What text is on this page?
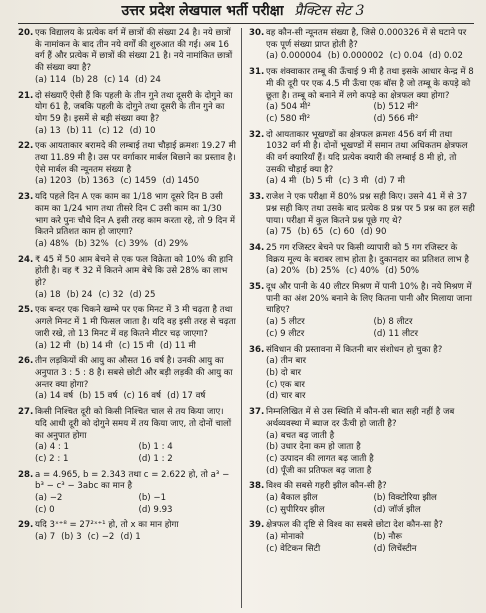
उत्तर प्रदेश लेखपाल भर्ती परीक्षा प्रैक्टिस सेट 3
20. एक विद्यालय के प्रत्येक वर्ग में छात्रों की संख्या 24 है। नये छात्रों के नामांकन के बाद तीन नये वर्गों की शुरुआत की गई। अब 16 वर्ग हैं और प्रत्येक में छात्रों की संख्या 21 है। नये नामांकित छात्रों की संख्या क्या है?
(a) 114 (b) 28 (c) 14 (d) 24
21. दो संख्याएँ ऐसी हैं कि पहली के तीन गुने तथा दूसरी के दोगुने का योग 61 है, जबकि पहली के दोगुने तथा दूसरी के तीन गुने का योग 59 है। इसमें से बड़ी संख्या क्या है?
(a) 13 (b) 11 (c) 12 (d) 10
22. एक आयताकार बरामदे की लम्बाई तथा चौड़ाई क्रमशः 19.27 मी तथा 11.89 मी है। उस पर वर्गाकार मार्बल बिछाने का प्रस्ताव है। ऐसे मार्बल की न्यूनतम संख्या है
(a) 1203 (b) 1363 (c) 1459 (d) 1450
23. यदि पहले दिन A एक काम का 1/18 भाग दूसरे दिन B उसी काम का 1/24 भाग तथा तीसरे दिन C उसी काम का 1/30 भाग करे पुनः चौथे दिन A इसी तरह काम करता रहे, तो 9 दिन में कितने प्रतिशत काम हो जाएगा?
(a) 48% (b) 32% (c) 39% (d) 29%
24. ₹ 45 में 50 आम बेचने से एक फल विक्रेता को 10% की हानि होती है। वह ₹ 32 में कितने आम बेचे कि उसे 28% का लाभ हो?
(a) 18 (b) 24 (c) 32 (d) 25
25. एक बन्दर एक चिकने खम्भे पर एक मिनट में 3 मी चढ़ता है तथा अगले मिनट में 1 मी फिसल जाता है। यदि वह इसी तरह से चढ़ता जारी रखे, तो 13 मिनट में वह कितने मीटर चढ़ जाएगा?
(a) 12 मी (b) 14 मी (c) 15 मी (d) 11 मी
26. तीन लड़कियों की आयु का औसत 16 वर्ष है। उनकी आयु का अनुपात 3 : 5 : 8 है। सबसे छोटी और बड़ी लड़की की आयु का अन्तर क्या होगा?
(a) 14 वर्ष (b) 15 वर्ष (c) 16 वर्ष (d) 17 वर्ष
27. किसी निश्चित दूरी को किसी निश्चित चाल से तय किया जाए। यदि आधी दूरी को दोगुने समय में तय किया जाए, तो दोनों चालों का अनुपात होगा
(a) 4 : 1	(b) 1 : 4
(c) 2 : 1	(d) 1 : 2
28. a = 4.965, b = 2.343 तथा c = 2.622 हो, तो a³ − b³ − c³ − 3abc का मान है
(a) −2	(b) −1
(c) 0	(d) 9.93
29. यदि 3ˣ⁺⁸ = 27²ˣ⁺¹ हो, तो x का मान होगा
(a) 7 (b) 3 (c) −2 (d) 1
30. वह कौन-सी न्यूनतम संख्या है, जिसे 0.000326 में से घटाने पर एक पूर्ण संख्या प्राप्त होती है?
(a) 0.000004 (b) 0.000002 (c) 0.04 (d) 0.02
31. एक शंक्वाकार तम्बू की ऊँचाई 9 मी है तथा इसके आधार केन्द्र में 8 मी की दूरी पर एक 4.5 मी ऊँचा एक बॉस है जो तम्बू के कपड़े को छूता है। तम्बू को बनाने में लगे कपड़े का क्षेत्रफल क्या होगा?
(a) 504 मी²	(b) 512 मी²
(c) 580 मी²	(d) 566 मी²
32. दो आयताकार भूखण्डों का क्षेत्रफल क्रमशः 456 वर्ग मी तथा 1032 वर्ग मी है। दोनों भूखण्डों में समान तथा अधिकतम क्षेत्रफल की वर्ग क्यारियाँ हैं। यदि प्रत्येक क्यारी की लम्बाई 8 मी हो, तो उसकी चौड़ाई क्या है?
(a) 4 मी (b) 5 मी (c) 3 मी (d) 7 मी
33. राजेश ने एक परीक्षा में 80% प्रश्न सही किए। उसने 41 में से 37 प्रश्न सही किए तथा उसके बाद प्रत्येक 8 प्रश्न पर 5 प्रश्न का हल सही पाया। परीक्षा में कुल कितने प्रश्न पूछे गए थे?
(a) 75 (b) 65 (c) 60 (d) 90
34. 25 गग रजिस्टर बेचने पर किसी व्यापारी को 5 गग रजिस्टर के विक्रय मूल्य के बराबर लाभ होता है। दुकानदार का प्रतिशत लाभ है
(a) 20% (b) 25% (c) 40% (d) 50%
35. दूध और पानी के 40 लीटर मिश्रण में पानी 10% है। नये मिश्रण में पानी का अंश 20% बनाने के लिए कितना पानी और मिलाया जाना चाहिए?
(a) 5 लीटर	(b) 8 लीटर
(c) 9 लीटर	(d) 11 लीटर
36. संविधान की प्रस्तावना में कितनी बार संशोधन हो चुका है?
(a) तीन बार
(b) दो बार
(c) एक बार
(d) चार बार
37. निम्नलिखित में से उस स्थिति में कौन-सी बात सही नहीं है जब अर्थव्यवस्था में ब्याज दर ऊँची हो जाती है?
(a) बचत बढ़ जाती है
(b) उधार देना कम हो जाता है
(c) उत्पादन की लागत बढ़ जाती है
(d) पूँजी का प्रतिफल बढ़ जाता है
38. विश्व की सबसे गहरी झील कौन-सी है?
(a) बैकाल झील	(b) विक्टोरिया झील
(c) सुपीरियर झील	(d) जॉर्ज झील
39. क्षेत्रफल की दृष्टि से विश्व का सबसे छोटा देश कौन-सा है?
(a) मोनाको	(b) नौरू
(c) वेटिकन सिटी	(d) लिचेंस्टीन
